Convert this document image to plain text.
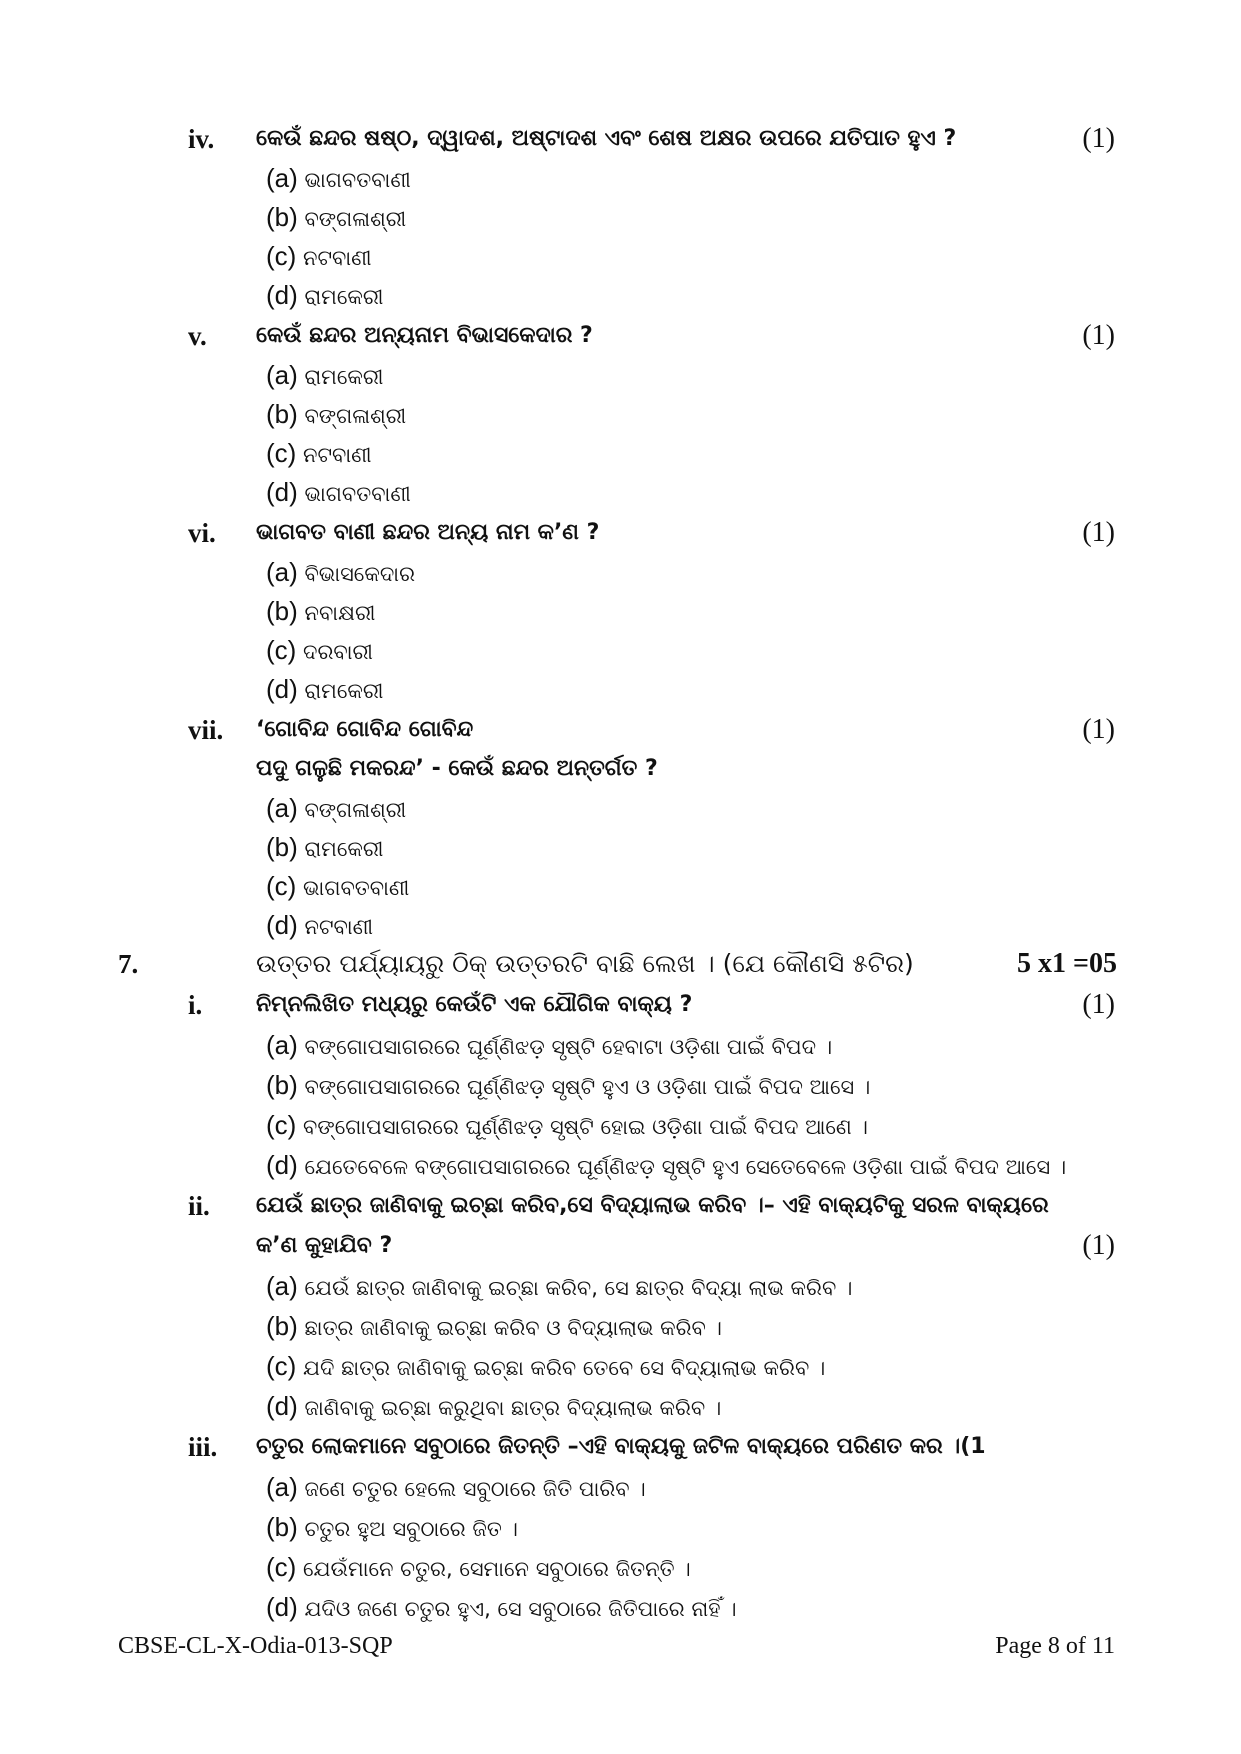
iv. କେଉଁ ଛନ୍ଦର ଷଷ୍ଠ, ଦ୍ୱାଦଶ, ଅଷ୍ଟାଦଶ ଏବଂ ଶେଷ ଅକ୍ଷର ଉପରେ ଯତିପାତ ହୁଏ ?	(1)
(a) ଭାଗବତବାଣୀ
(b) ବଙ୍ଗଳାଶ୍ରୀ
(c) ନଟବାଣୀ
(d) ରାମକେରୀ
v. କେଉଁ ଛନ୍ଦର ଅନ୍ୟନାମ ବିଭାସକେଦାର ?	(1)
(a) ରାମକେରୀ
(b) ବଙ୍ଗଳାଶ୍ରୀ
(c) ନଟବାଣୀ
(d) ଭାଗବତବାଣୀ
vi. ଭାଗବତ ବାଣୀ ଛନ୍ଦର ଅନ୍ୟ ନାମ କ’ଣ ?	(1)
(a) ବିଭାସକେଦାର
(b) ନବାକ୍ଷରୀ
(c) ଦରବାରୀ
(d) ରାମକେରୀ
vii. ‘ଗୋବିନ୍ଦ ଗୋବିନ୍ଦ ଗୋବିନ୍ଦ	(1)
ପଦୁ ଗଳୁଛି ମକରନ୍ଦ’ - କେଉଁ ଛନ୍ଦର ଅନ୍ତର୍ଗତ ?
(a) ବଙ୍ଗଳାଶ୍ରୀ
(b) ରାମକେରୀ
(c) ଭାଗବତବାଣୀ
(d) ନଟବାଣୀ
7.	ଉତ୍ତର ପର୍ଯ୍ୟାୟରୁ ଠିକ୍ ଉତ୍ତରଟି ବାଛି ଲେଖ । (ଯେ କୌଣସି ୫ଟିର)	5 x1 =05
i. ନିମ୍ନଲିଖିତ ମଧ୍ୟରୁ କେଉଁଟି ଏକ ଯୌଗିକ ବାକ୍ୟ ?	(1)
(a) ବଙ୍ଗୋପସାଗରରେ ଘୂର୍ଣ୍ଣିଝଡ଼ ସୃଷ୍ଟି ହେବାଟା ଓଡ଼ିଶା ପାଇଁ ବିପଦ ।
(b) ବଙ୍ଗୋପସାଗରରେ ଘୂର୍ଣ୍ଣିଝଡ଼ ସୃଷ୍ଟି ହୁଏ ଓ ଓଡ଼ିଶା ପାଇଁ ବିପଦ ଆସେ ।
(c) ବଙ୍ଗୋପସାଗରରେ ଘୂର୍ଣ୍ଣିଝଡ଼ ସୃଷ୍ଟି ହୋଇ ଓଡ଼ିଶା ପାଇଁ ବିପଦ ଆଣେ ।
(d) ଯେତେବେଳେ ବଙ୍ଗୋପସାଗରରେ ଘୂର୍ଣ୍ଣିଝଡ଼ ସୃଷ୍ଟି ହୁଏ ସେତେବେଳେ ଓଡ଼ିଶା ପାଇଁ ବିପଦ ଆସେ ।
ii. ଯେଉଁ ଛାତ୍ର ଜାଣିବାକୁ ଇଚ୍ଛା କରିବ,ସେ ବିଦ୍ୟାଲାଭ କରିବ ।– ଏହି ବାକ୍ୟଟିକୁ ସରଳ ବାକ୍ୟରେ
କ’ଣ କୁହାଯିବ ?	(1)
(a) ଯେଉଁ ଛାତ୍ର ଜାଣିବାକୁ ଇଚ୍ଛା କରିବ, ସେ ଛାତ୍ର ବିଦ୍ୟା ଲାଭ କରିବ ।
(b) ଛାତ୍ର ଜାଣିବାକୁ ଇଚ୍ଛା କରିବ ଓ ବିଦ୍ୟାଲାଭ କରିବ ।
(c) ଯଦି ଛାତ୍ର ଜାଣିବାକୁ ଇଚ୍ଛା କରିବ ତେବେ ସେ ବିଦ୍ୟାଲାଭ କରିବ ।
(d) ଜାଣିବାକୁ ଇଚ୍ଛା କରୁଥିବା ଛାତ୍ର ବିଦ୍ୟାଲାଭ କରିବ ।
iii. ଚତୁର ଲୋକମାନେ ସବୁଠାରେ ଜିତନ୍ତି –ଏହି ବାକ୍ୟକୁ ଜଟିଳ ବାକ୍ୟରେ ପରିଣତ କର ।(1
(a) ଜଣେ ଚତୁର ହେଲେ ସବୁଠାରେ ଜିତି ପାରିବ ।
(b) ଚତୁର ହୁଅ ସବୁଠାରେ ଜିତ ।
(c) ଯେଉଁମାନେ ଚତୁର, ସେମାନେ ସବୁଠାରେ ଜିତନ୍ତି ।
(d) ଯଦିଓ ଜଣେ ଚତୁର ହୁଏ, ସେ ସବୁଠାରେ ଜିତିପାରେ ନାହିଁ ।
CBSE-CL-X-Odia-013-SQP	Page 8 of 11
